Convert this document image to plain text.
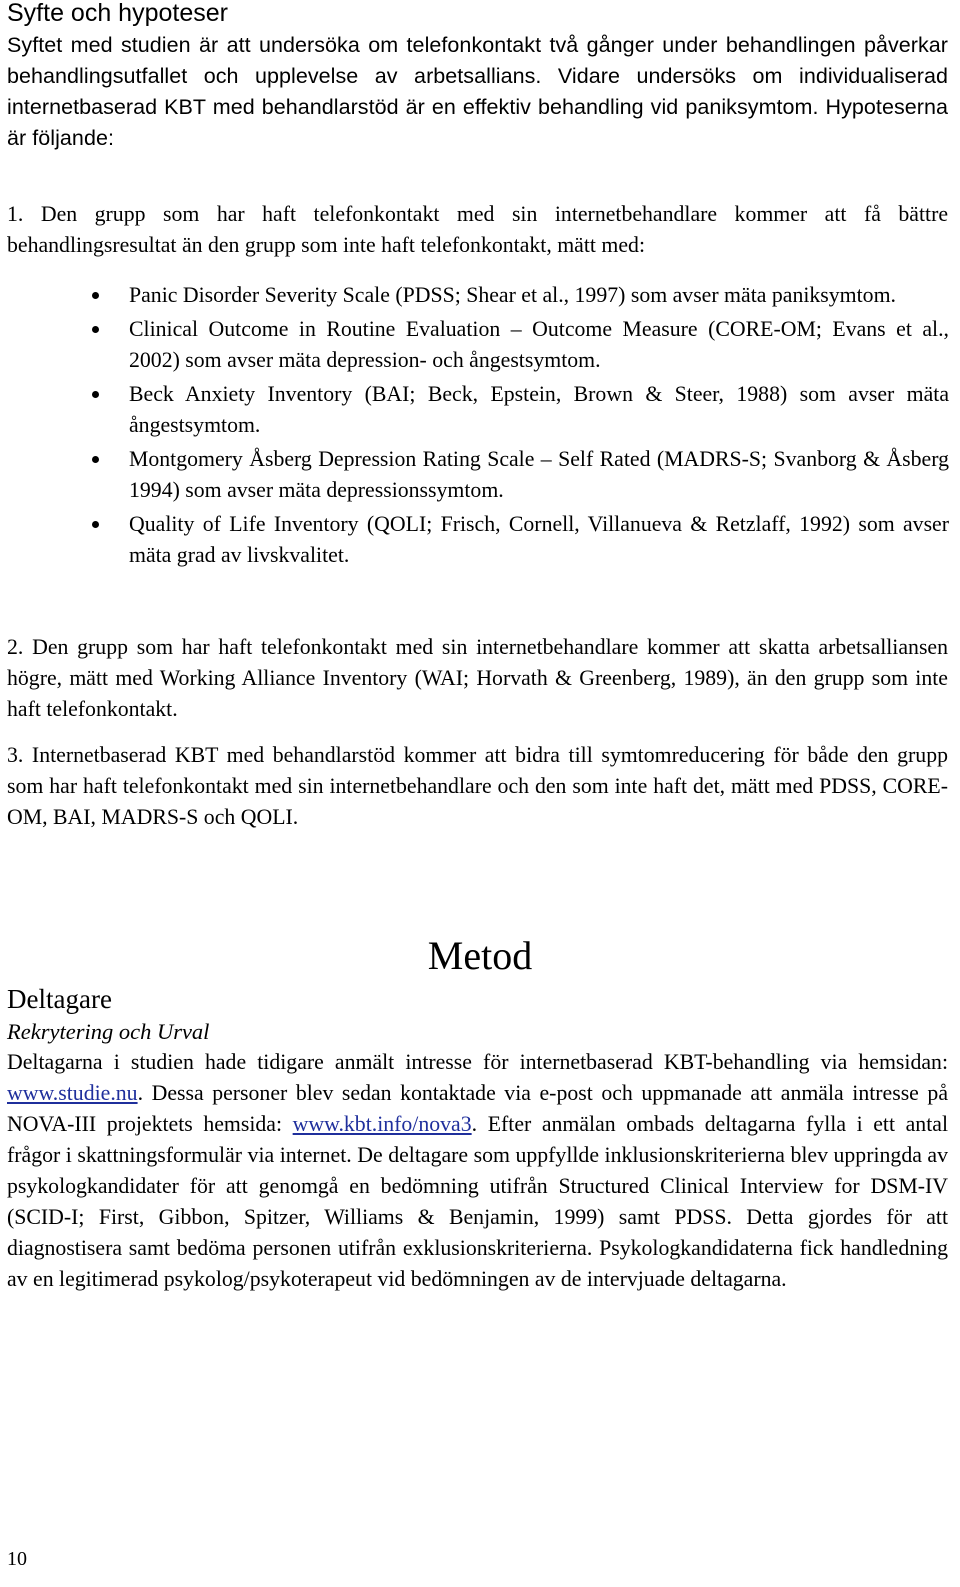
Syfte och hypoteser
Syftet med studien är att undersöka om telefonkontakt två gånger under behandlingen påverkar behandlingsutfallet och upplevelse av arbetsallians. Vidare undersöks om individualiserad internetbaserad KBT med behandlarstöd är en effektiv behandling vid paniksymtom. Hypoteserna är följande:
1. Den grupp som har haft telefonkontakt med sin internetbehandlare kommer att få bättre behandlingsresultat än den grupp som inte haft telefonkontakt, mätt med:
Panic Disorder Severity Scale (PDSS; Shear et al., 1997) som avser mäta paniksymtom.
Clinical Outcome in Routine Evaluation – Outcome Measure (CORE-OM; Evans et al., 2002) som avser mäta depression- och ångestsymtom.
Beck Anxiety Inventory (BAI; Beck, Epstein, Brown & Steer, 1988) som avser mäta ångestsymtom.
Montgomery Åsberg Depression Rating Scale – Self Rated (MADRS-S; Svanborg & Åsberg 1994) som avser mäta depressionssymtom.
Quality of Life Inventory (QOLI; Frisch, Cornell, Villanueva & Retzlaff, 1992) som avser mäta grad av livskvalitet.
2. Den grupp som har haft telefonkontakt med sin internetbehandlare kommer att skatta arbetsalliansen högre, mätt med Working Alliance Inventory (WAI; Horvath & Greenberg, 1989), än den grupp som inte haft telefonkontakt.
3. Internetbaserad KBT med behandlarstöd kommer att bidra till symtomreducering för både den grupp som har haft telefonkontakt med sin internetbehandlare och den som inte haft det, mätt med PDSS, CORE-OM, BAI, MADRS-S och QOLI.
Metod
Deltagare
Rekrytering och Urval
Deltagarna i studien hade tidigare anmält intresse för internetbaserad KBT-behandling via hemsidan: www.studie.nu. Dessa personer blev sedan kontaktade via e-post och uppmanade att anmäla intresse på NOVA-III projektets hemsida: www.kbt.info/nova3. Efter anmälan ombads deltagarna fylla i ett antal frågor i skattningsformulär via internet. De deltagare som uppfyllde inklusionskriterierna blev uppringda av psykologkandidater för att genomgå en bedömning utifrån Structured Clinical Interview for DSM-IV (SCID-I; First, Gibbon, Spitzer, Williams & Benjamin, 1999) samt PDSS. Detta gjordes för att diagnostisera samt bedöma personen utifrån exklusionskriterierna. Psykologkandidaterna fick handledning av en legitimerad psykolog/psykoterapeut vid bedömningen av de intervjuade deltagarna.
10
